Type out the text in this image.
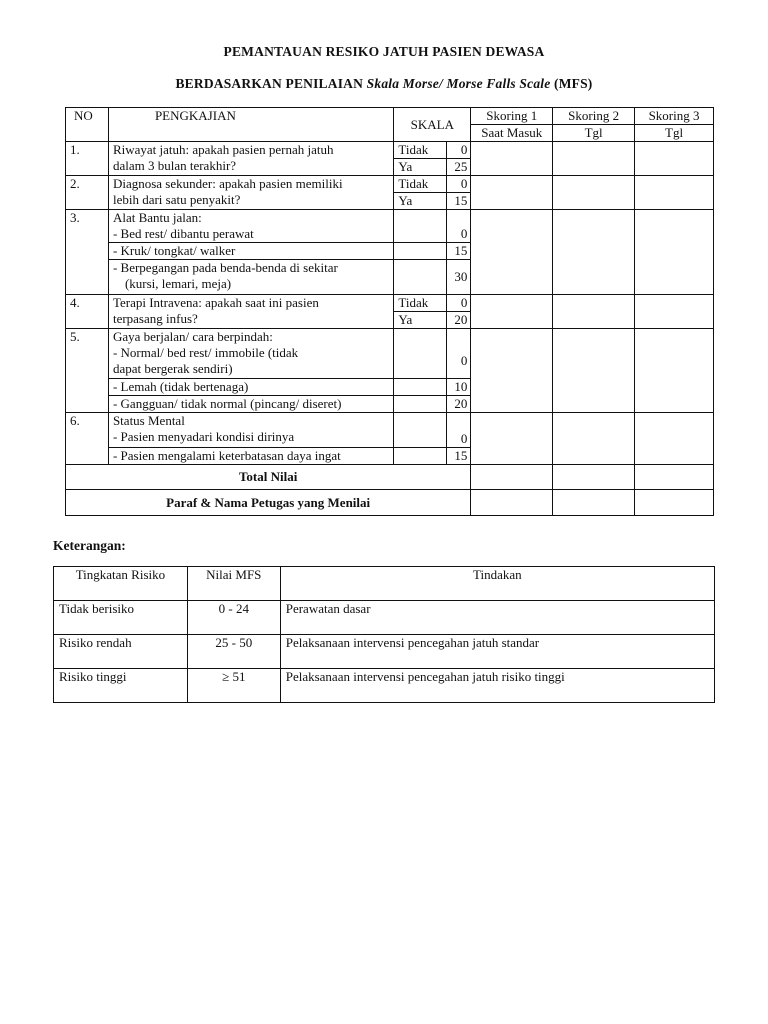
PEMANTAUAN RESIKO JATUH PASIEN DEWASA
BERDASARKAN PENILAIAN Skala Morse/ Morse Falls Scale (MFS)
NO	PENGKAJIAN	SKALA		Skoring 1	Skoring 2	Skoring 3
				Saat Masuk	Tgl	Tgl
1.	Riwayat jatuh: apakah pasien pernah jatuh
dalam 3 bulan terakhir?	Tidak	0			
		Ya	25			
2.	Diagnosa sekunder: apakah pasien memiliki
lebih dari satu penyakit?	Tidak	0			
		Ya	15			
3.	Alat Bantu jalan:					
	- Bed rest/ dibantu perawat		0			
	- Kruk/ tongkat/ walker		15			
	- Berpegangan pada benda-benda di sekitar
(kursi, lemari, meja)		30			
4.	Terapi Intravena: apakah saat ini pasien
terpasang infus?	Tidak	0			
		Ya	20			
5.	Gaya berjalan/ cara berpindah:					
	- Normal/ bed rest/ immobile (tidak
dapat bergerak sendiri)		0			
	- Lemah (tidak bertenaga)		10			
	- Gangguan/ tidak normal (pincang/ diseret)		20			
6.	Status Mental					
	- Pasien menyadari kondisi dirinya		0			
	- Pasien mengalami keterbatasan daya ingat		15			
Total Nilai						
Paraf & Nama Petugas yang Menilai						
Keterangan:
Tingkatan Risiko	Nilai MFS	Tindakan
Tidak berisiko	0 - 24	Perawatan dasar
Risiko rendah	25 - 50	Pelaksanaan intervensi pencegahan jatuh standar
Risiko tinggi	≥ 51	Pelaksanaan intervensi pencegahan jatuh risiko tinggi
